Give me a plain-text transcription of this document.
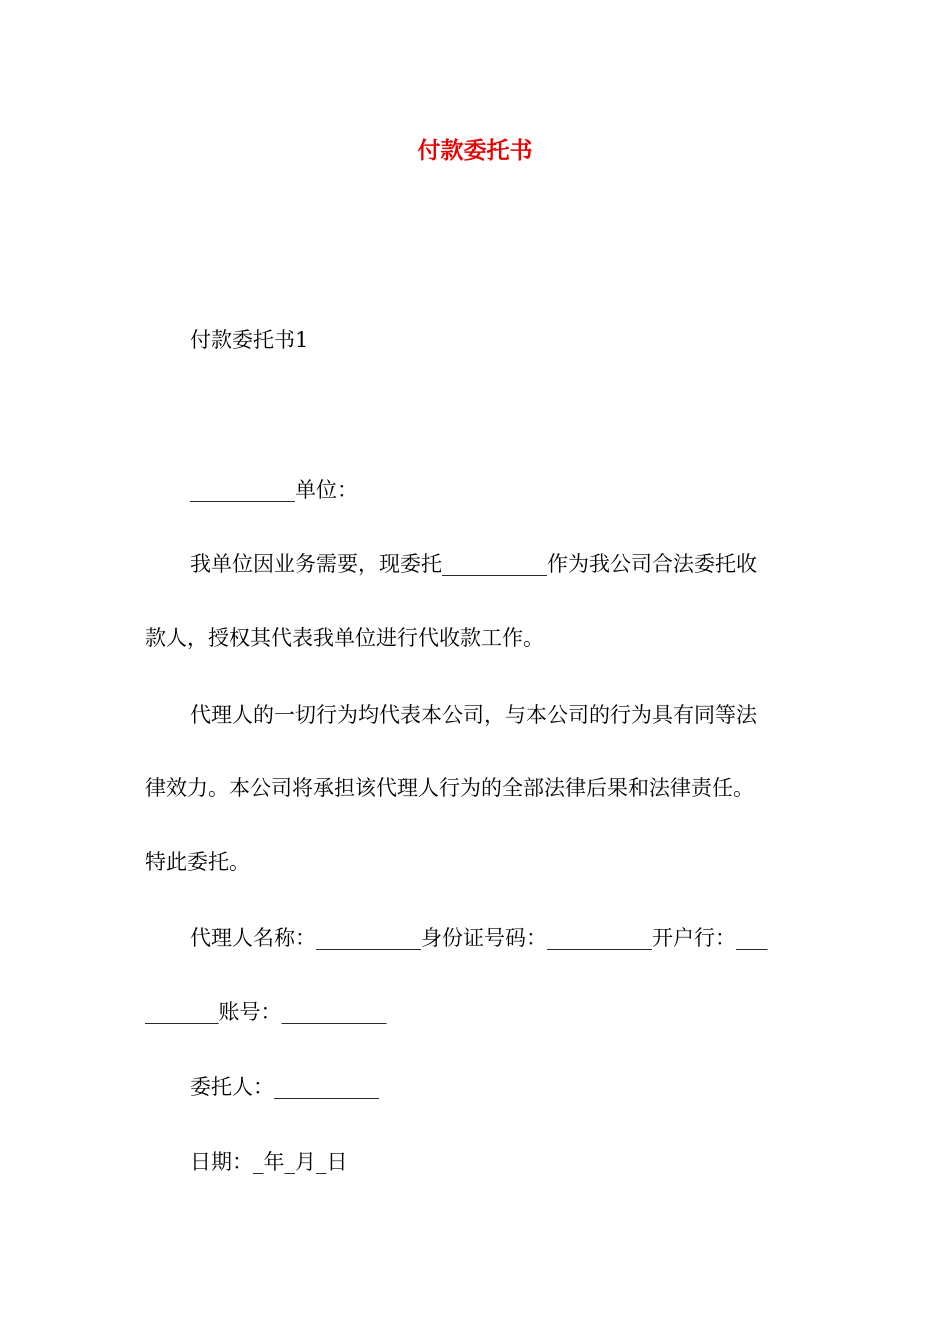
付款委托书
付款委托书1
__________单位：
我单位因业务需要，现委托__________作为我公司合法委托收
款人，授权其代表我单位进行代收款工作。
代理人的一切行为均代表本公司，与本公司的行为具有同等法
律效力。本公司将承担该代理人行为的全部法律后果和法律责任。
特此委托。
代理人名称：__________身份证号码：__________开户行：___
_______账号：__________
委托人：__________
日期：_年_月_日
